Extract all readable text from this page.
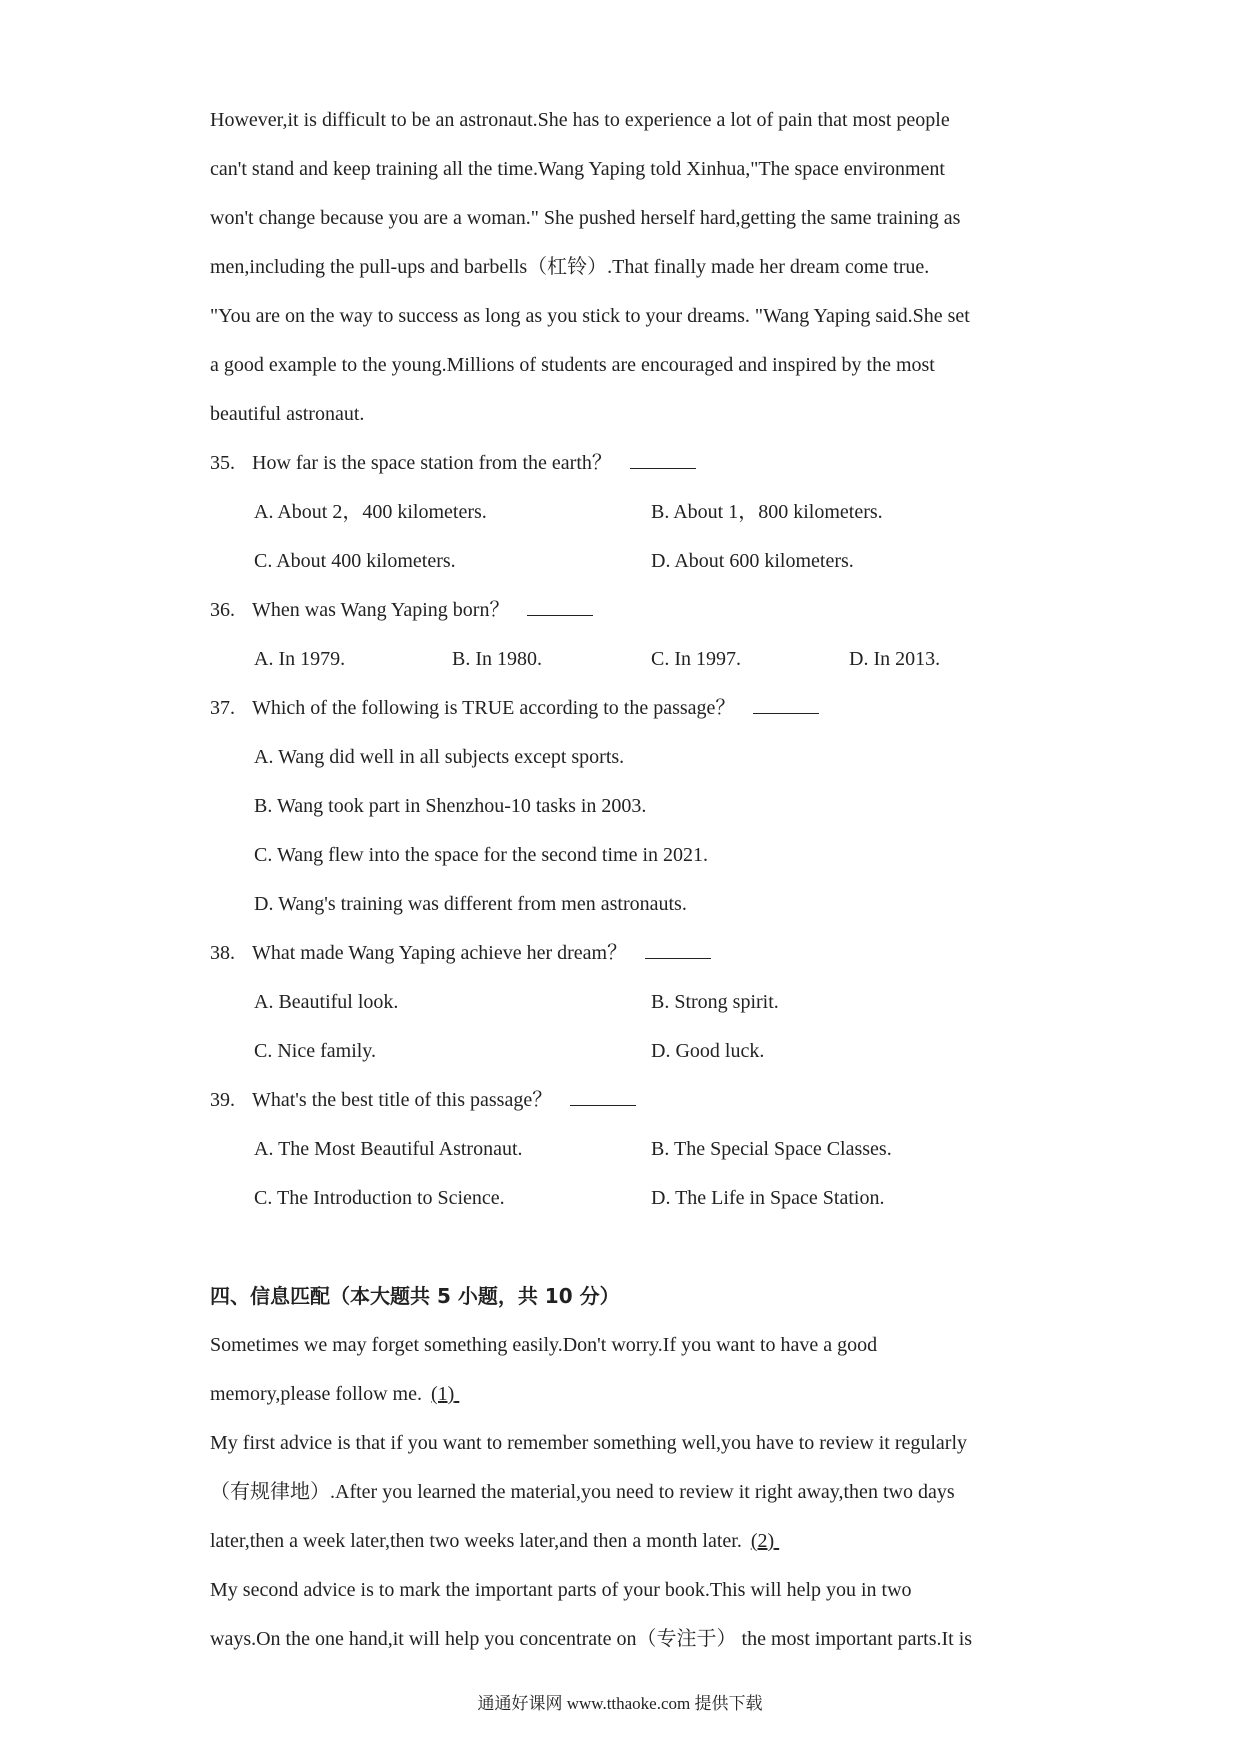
However,it is difficult to be an astronaut.She has to experience a lot of pain that most people
can't stand and keep training all the time.Wang Yaping told Xinhua,"The space environment
won't change because you are a woman." She pushed herself hard,getting the same training as
men,including the pull-ups and barbells（杠铃）.That finally made her dream come true.
"You are on the way to success as long as you stick to your dreams. "Wang Yaping said.She set
a good example to the young.Millions of students are encouraged and inspired by the most
beautiful astronaut.
35. How far is the space station from the earth？
A. About 2，400 kilometers.	B. About 1，800 kilometers.
C. About 400 kilometers.	D. About 600 kilometers.
36. When was Wang Yaping born？
A. In 1979.	B. In 1980.	C. In 1997.	D. In 2013.
37. Which of the following is TRUE according to the passage？
A. Wang did well in all subjects except sports.
B. Wang took part in Shenzhou-10 tasks in 2003.
C. Wang flew into the space for the second time in 2021.
D. Wang's training was different from men astronauts.
38. What made Wang Yaping achieve her dream？
A. Beautiful look.	B. Strong spirit.
C. Nice family.	D. Good luck.
39. What's the best title of this passage？
A. The Most Beautiful Astronaut.	B. The Special Space Classes.
C. The Introduction to Science.	D. The Life in Space Station.
四、信息匹配（本大题共 5 小题，共 10 分）
Sometimes we may forget something easily.Don't worry.If you want to have a good
memory,please follow me. (1)
My first advice is that if you want to remember something well,you have to review it regularly
（有规律地）.After you learned the material,you need to review it right away,then two days
later,then a week later,then two weeks later,and then a month later. (2)
My second advice is to mark the important parts of your book.This will help you in two
ways.On the one hand,it will help you concentrate on（专注于） the most important parts.It is
通通好课网 www.tthaoke.com 提供下载
